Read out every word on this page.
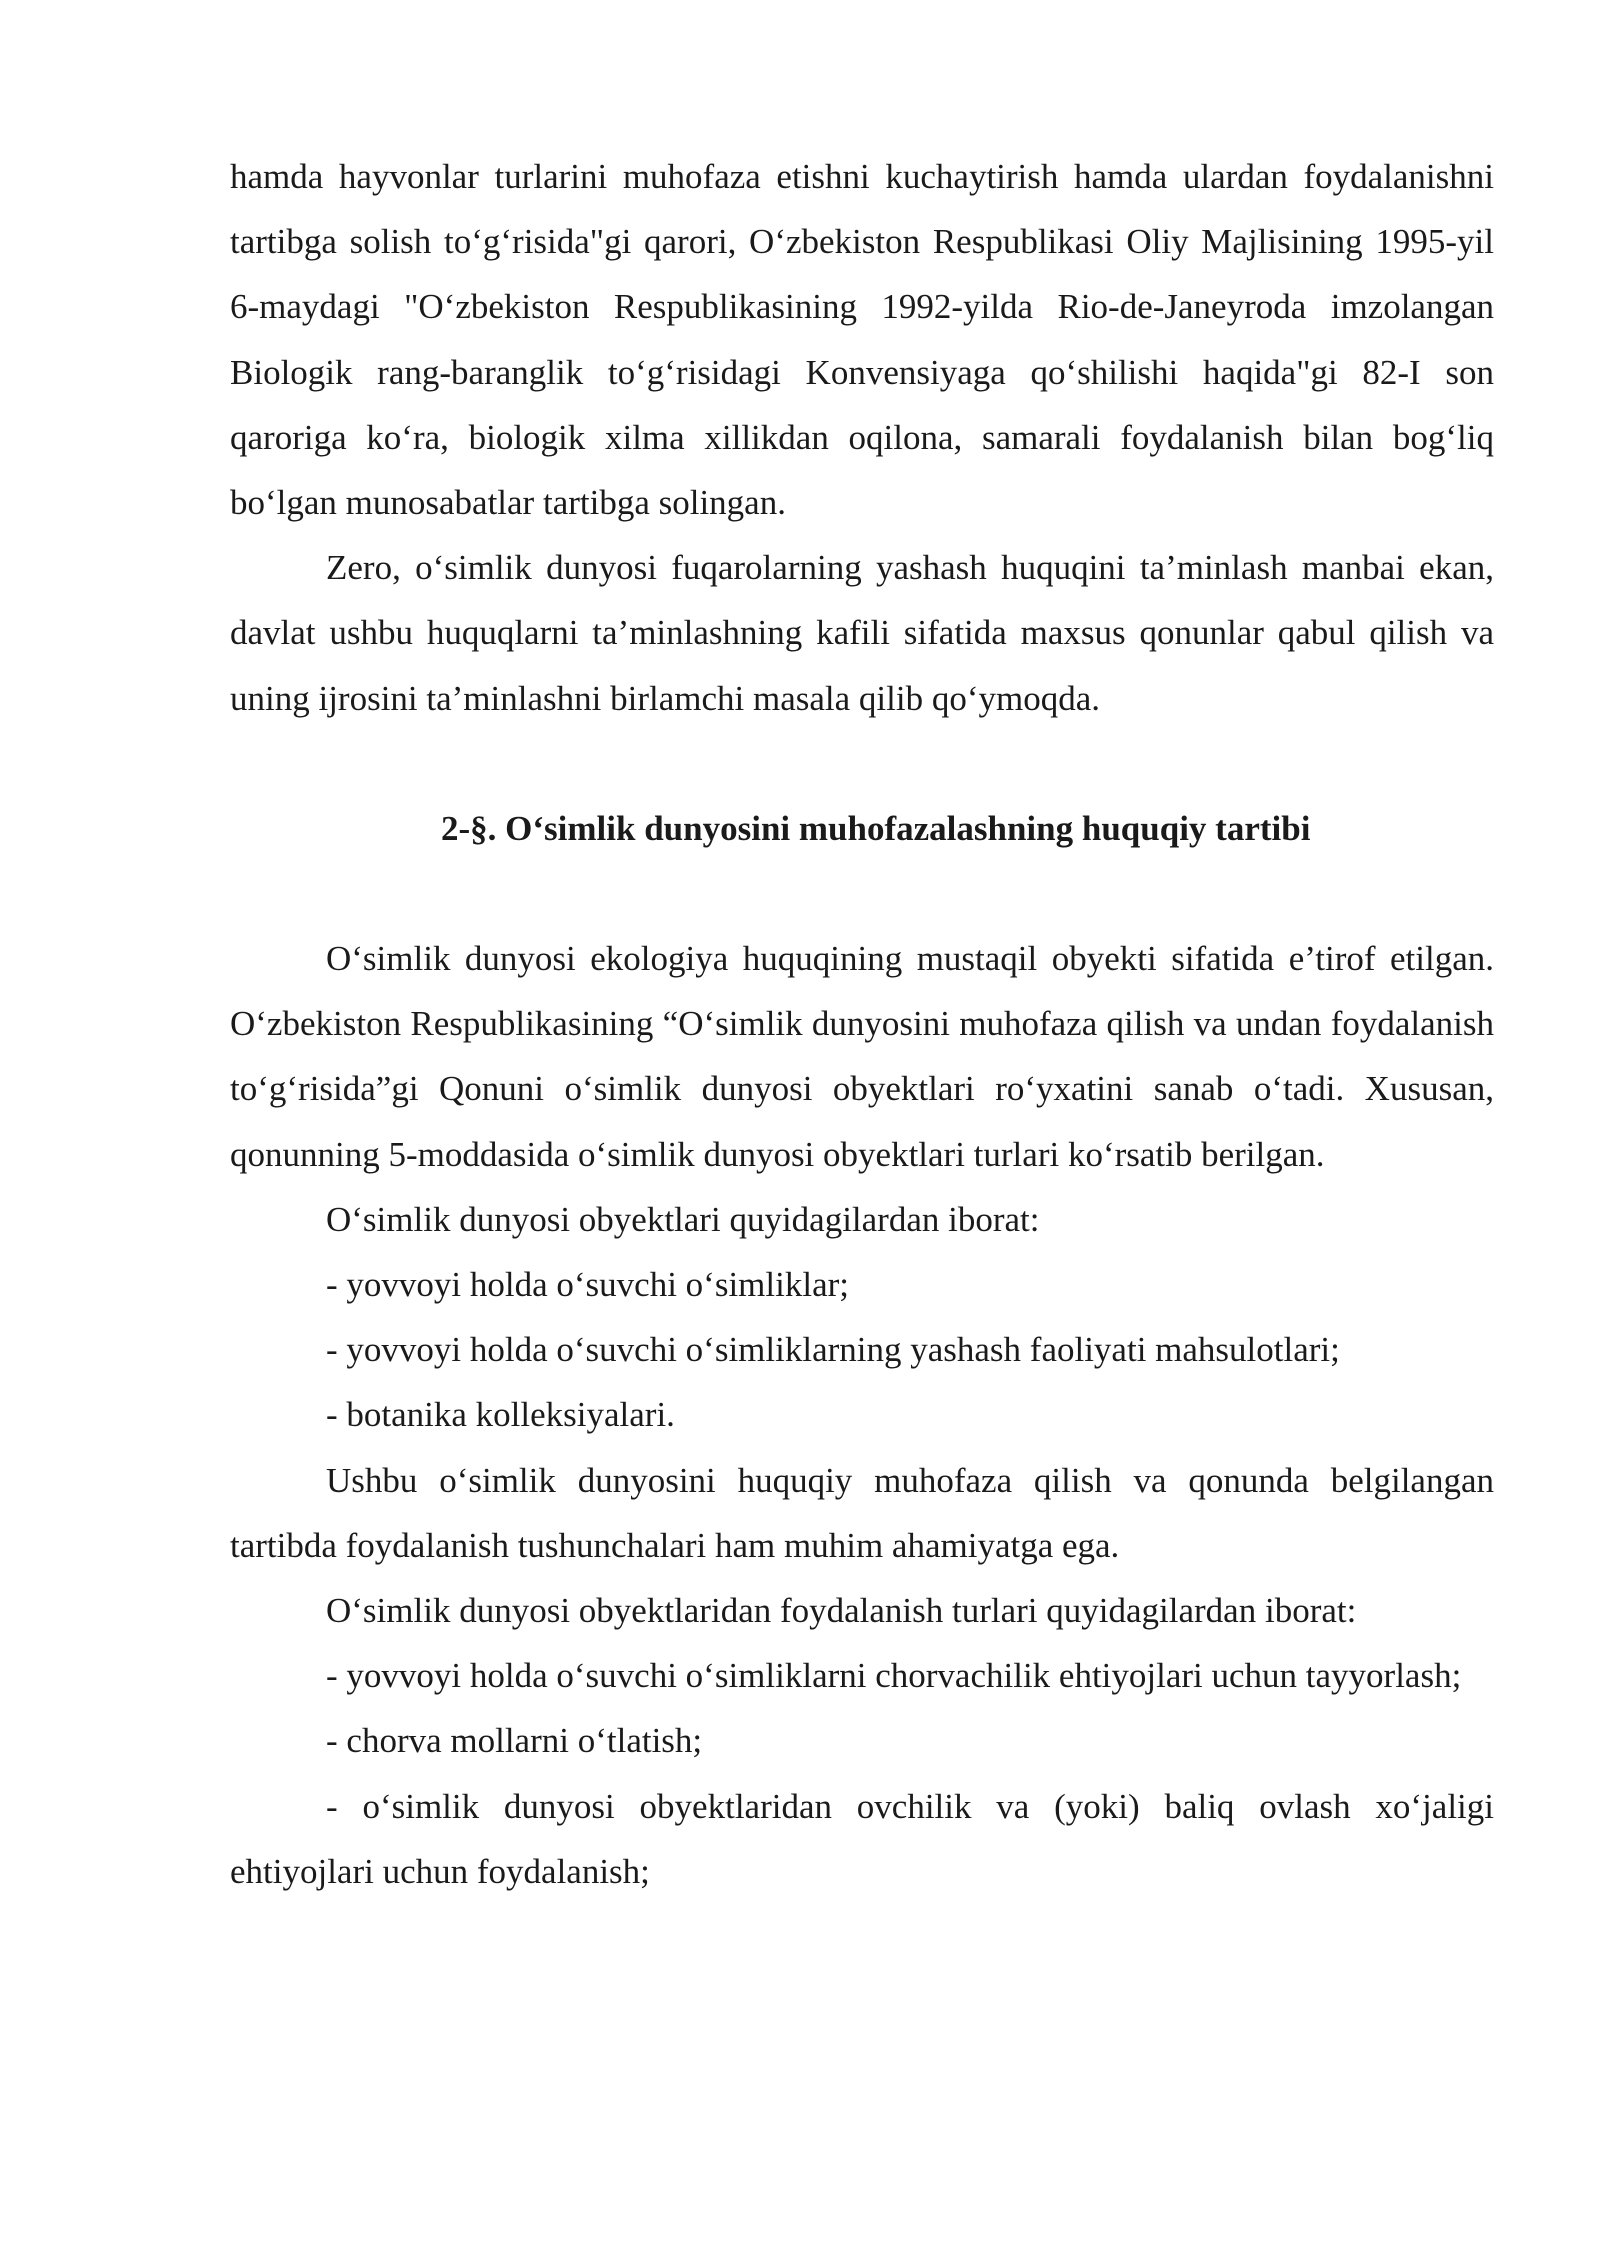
hamda hayvonlar turlarini muhofaza etishni kuchaytirish hamda ulardan foydalanishni tartibga solish to‘g‘risida"gi qarori, O‘zbekiston Respublikasi Oliy Majlisining 1995-yil 6-maydagi "O‘zbekiston Respublikasining 1992-yilda Rio-de-Janeyroda imzolangan Biologik rang-baranglik to‘g‘risidagi Konvensiyaga qo‘shilishi haqida"gi 82-I son qaroriga ko‘ra, biologik xilma xillikdan oqilona, samarali foydalanish bilan bog‘liq bo‘lgan munosabatlar tartibga solingan.

Zero, o‘simlik dunyosi fuqarolarning yashash huquqini ta’minlash manbai ekan, davlat ushbu huquqlarni ta’minlashning kafili sifatida maxsus qonunlar qabul qilish va uning ijrosini ta’minlashni birlamchi masala qilib qo‘ymoqda.

2-§. O‘simlik dunyosini muhofazalashning huquqiy tartibi

O‘simlik dunyosi ekologiya huquqining mustaqil obyekti sifatida e’tirof etilgan. O‘zbekiston Respublikasining “O‘simlik dunyosini muhofaza qilish va undan foydalanish to‘g‘risida”gi Qonuni o‘simlik dunyosi obyektlari ro‘yxatini sanab o‘tadi. Xususan, qonunning 5-moddasida o‘simlik dunyosi obyektlari turlari ko‘rsatib berilgan.

O‘simlik dunyosi obyektlari quyidagilardan iborat:

- yovvoyi holda o‘suvchi o‘simliklar;

- yovvoyi holda o‘suvchi o‘simliklarning yashash faoliyati mahsulotlari;

- botanika kolleksiyalari.

Ushbu o‘simlik dunyosini huquqiy muhofaza qilish va qonunda belgilangan tartibda foydalanish tushunchalari ham muhim ahamiyatga ega.

O‘simlik dunyosi obyektlaridan foydalanish turlari quyidagilardan iborat:

- yovvoyi holda o‘suvchi o‘simliklarni chorvachilik ehtiyojlari uchun tayyorlash;

- chorva mollarni o‘tlatish;

- o‘simlik dunyosi obyektlaridan ovchilik va (yoki) baliq ovlash xo‘jaligi ehtiyojlari uchun foydalanish;
